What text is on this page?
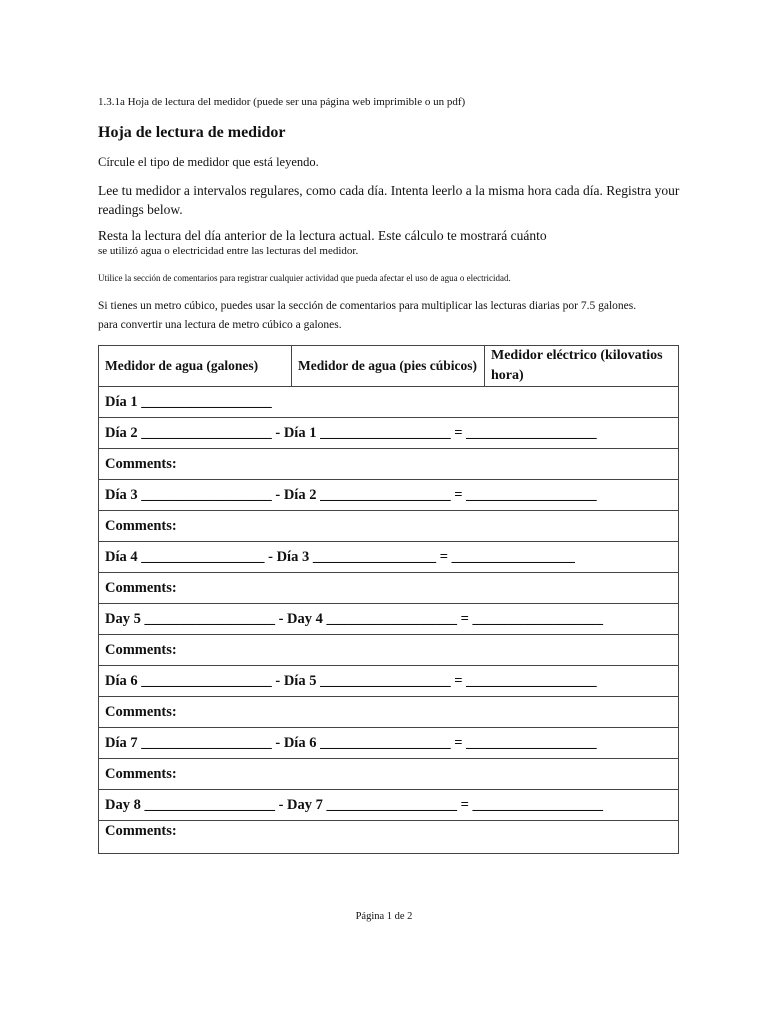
1.3.1a Hoja de lectura del medidor (puede ser una página web imprimible o un pdf)
Hoja de lectura de medidor
Círcule el tipo de medidor que está leyendo.
Lee tu medidor a intervalos regulares, como cada día. Intenta leerlo a la misma hora cada día. Registra your readings below.
Resta la lectura del día anterior de la lectura actual. Este cálculo te mostrará cuánto
se utilizó agua o electricidad entre las lecturas del medidor.
Utilice la sección de comentarios para registrar cualquier actividad que pueda afectar el uso de agua o electricidad.
Si tienes un metro cúbico, puedes usar la sección de comentarios para multiplicar las lecturas diarias por 7.5 galones.
para convertir una lectura de metro cúbico a galones.
Medidor de agua (galones)	Medidor de agua (pies cúbicos)	Medidor eléctrico (kilovatios hora)
Día 1 __________________
Día 2 __________________ - Día 1 __________________ = __________________
Comments:
Día 3 __________________ - Día 2 __________________ = __________________
Comments:
Día 4 _________________ - Día 3 _________________ = _________________
Comments:
Day 5 __________________ - Day 4 __________________ = __________________
Comments:
Día 6 __________________ - Día 5 __________________ = __________________
Comments:
Día 7 __________________ - Día 6 __________________ = __________________
Comments:
Day 8 __________________ - Day 7 __________________ = __________________
Comments:
Página 1 de 2
